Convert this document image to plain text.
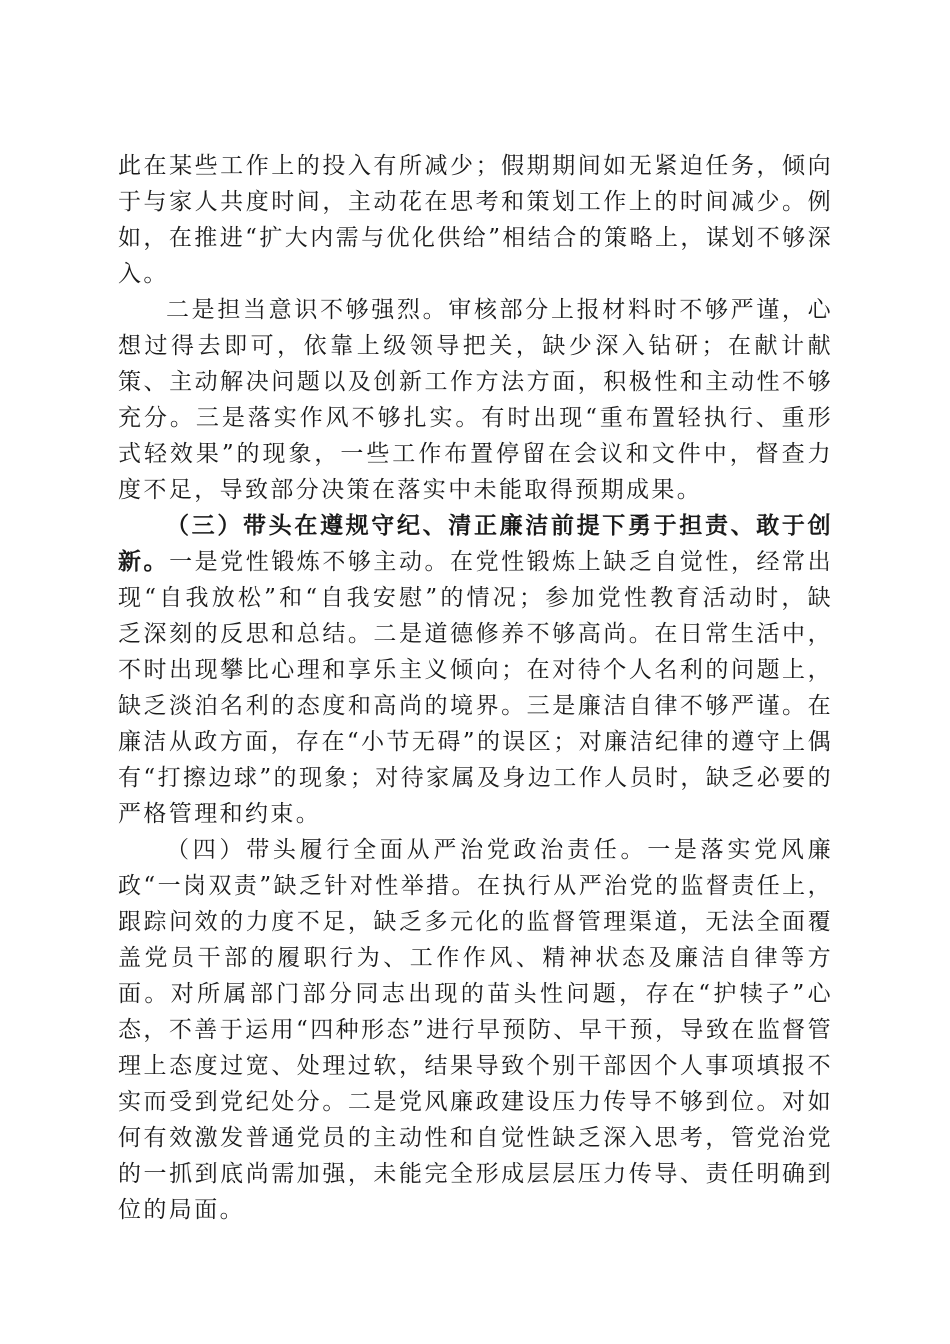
此在某些工作上的投入有所减少；假期期间如无紧迫任务，倾向于与家人共度时间，主动花在思考和策划工作上的时间减少。例如，在推进“扩大内需与优化供给”相结合的策略上，谋划不够深入。

二是担当意识不够强烈。审核部分上报材料时不够严谨，心想过得去即可，依靠上级领导把关，缺少深入钻研；在献计献策、主动解决问题以及创新工作方法方面，积极性和主动性不够充分。三是落实作风不够扎实。有时出现“重布置轻执行、重形式轻效果”的现象，一些工作布置停留在会议和文件中，督查力度不足，导致部分决策在落实中未能取得预期成果。

（三）带头在遵规守纪、清正廉洁前提下勇于担责、敢于创新。一是党性锻炼不够主动。在党性锻炼上缺乏自觉性，经常出现“自我放松”和“自我安慰”的情况；参加党性教育活动时，缺乏深刻的反思和总结。二是道德修养不够高尚。在日常生活中，不时出现攀比心理和享乐主义倾向；在对待个人名利的问题上，缺乏淡泊名利的态度和高尚的境界。三是廉洁自律不够严谨。在廉洁从政方面，存在“小节无碍”的误区；对廉洁纪律的遵守上偶有“打擦边球”的现象；对待家属及身边工作人员时，缺乏必要的严格管理和约束。

（四）带头履行全面从严治党政治责任。一是落实党风廉政“一岗双责”缺乏针对性举措。在执行从严治党的监督责任上，跟踪问效的力度不足，缺乏多元化的监督管理渠道，无法全面覆盖党员干部的履职行为、工作作风、精神状态及廉洁自律等方面。对所属部门部分同志出现的苗头性问题，存在“护犊子”心态，不善于运用“四种形态”进行早预防、早干预，导致在监督管理上态度过宽、处理过软，结果导致个别干部因个人事项填报不实而受到党纪处分。二是党风廉政建设压力传导不够到位。对如何有效激发普通党员的主动性和自觉性缺乏深入思考，管党治党的一抓到底尚需加强，未能完全形成层层压力传导、责任明确到位的局面。
